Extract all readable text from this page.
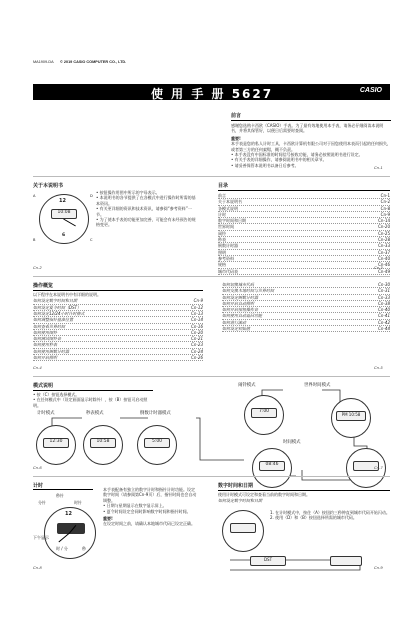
MA1909-DA © 2019 CASIO COMPUTER CO., LTD.
使 用 手 册 5627	CASIO
前言
感谢您选购卡西欧（CASIO）手表。为了最有效地使用本手表，请务必仔细阅读本说明书，并将其保管好，以便日后需要时查阅。
重要!
本手表是您的私人计时工具，卡西欧计算机有限公司对于因您使用本表而引起的任何损失，或者第三方的任何索赔，概不负责。
• 本手表没有中国标准的时间信号接收功能，请务必按照说明书进行设定。
• 有关手表的详细操作，请参阅说明书中的相关章节。
• 请妥善保管本说明书以备日后参考。	Cn-1
关于本说明书
12
10:08
6
A	D
B	C
• 按钮操作用图中所示的字母表示。
• 本说明书的各节提供了在各模式中进行操作时所需的基本资讯。
• 有关更详细的资讯和技术资讯，请参阅“参考资料”一节。
• 为了使本手表的功能更加完善，可能会有未经预告的规格变更。
Cn-2
目录
前言	Cn-1
关于本说明书	Cn-2
各模式说明	Cn-8
计时	Cn-9
数字时间和日期	Cn-14
世界时间	Cn-20
闹铃	Cn-25
秒表	Cn-28
倒数计时器	Cn-33
照明	Cn-37
参考资料	Cn-40
规格	Cn-46
城市代码表	Cn-49
Cn-3
操作概览
以下程序在本说明书中有详细的说明。
如何设定数字时间和日期	Cn-9
如何设定夏令时间（DST）	Cn-12
如何设定12/24小时计时格式	Cn-13
如何调整指针基准位置	Cn-14
如何查看世界时间	Cn-16
如何使用闹铃	Cn-20
如何测试闹铃音	Cn-21
如何使用秒表	Cn-23
如何使用倒数计时器	Cn-24
如何开启照明	Cn-26
如何切换城市代码	Cn-30
如何交换本地时间与世界时间	Cn-31
如何设定倒数计时器	Cn-33
如何开启自动照明	Cn-38
如何开启按钮操作音	Cn-40
如何使用自动返回功能	Cn-41
如何进行滚动	Cn-42
如何设定初始值	Cn-44
Cn-4	Cn-5
模式说明
• 按（C）按钮选择模式。
• 在任何模式中（设定画面显示时除外），按（B）按钮可启动照明。
计时模式
12:30
秒表模式
10:58
倒数计时器模式
5:00
闹铃模式
7:00
世界时间模式
PM 10:58
时间模式
08:46
Cn-6	Cn-7
计时
秒针
分针	时针
12
下午显示
时 / 分	秒
本手表配备有独立的数字计时和指针计时功能。设定数字时间（请参阅第Cn-9页）后，指针时间也会自动调整。
• 日期与星期显示在数字显示屏上。
• 夏令时间设定会同时影响数字时间和指针时间。
重要!
在设定时间之前，请确认本地城市代码已设定正确。
Cn-8
数字时间和日期
使用计时模式可设定和查看当前的数字时间和日期。
如何设定数字时间和日期
1. 在计时模式中，按住（A）按钮约三秒钟直到城市代码开始闪动。
2. 使用（D）和（B）按钮选择所需的城市代码。
DST
Cn-9
